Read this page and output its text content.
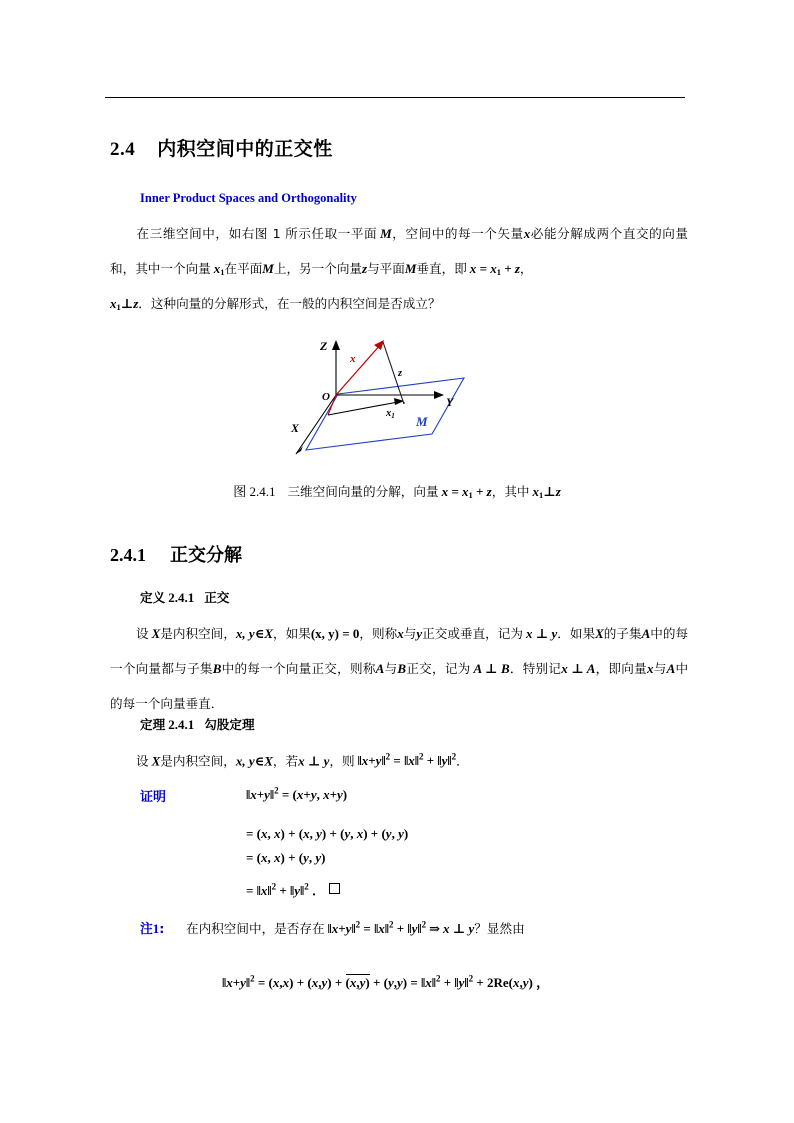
2.4 内积空间中的正交性
Inner Product Spaces and Orthogonality
在三维空间中，如右图 1 所示任取一平面 M，空间中的每一个矢量x必能分解成两个直交的向量和，其中一个向量 $x_1$在平面M上，另一个向量z与平面M垂直，即 $x = x_1 + z$，
$x_1\perp z$．这种向量的分解形式，在一般的内积空间是否成立？
Z
Y
X
O
x
z
x1 M
图 2.4.1 三维空间向量的分解，向量 $x = x_1 + z$，其中 $x_1\perp z$
2.4.1 正交分解
定义 2.4.1 正交
设 X是内积空间，x, y∈X，如果(x, y) = 0，则称x与y正交或垂直，记为 x ⊥ y．如果X的子集A中的每一个向量都与子集B中的每一个向量正交，则称A与B正交，记为 A ⊥ B．特别记x ⊥ A，即向量x与A中的每一个向量垂直．
定理 2.4.1 勾股定理
设 X是内积空间，x, y∈X，若x ⊥ y，则 ‖x+y‖$^2$ = ‖x‖$^2$ + ‖y‖$^2$．
证明	‖x+y‖$^2$ = (x+y, x+y)
= (x, x) + (x, y) + (y, x) + (y, y)
= (x, x) + (y, y)
= ‖x‖$^2$ + ‖y‖$^2$ ．
注1: 在内积空间中，是否存在 ‖x+y‖$^2$ = ‖x‖$^2$ + ‖y‖$^2$ ⇒ x ⊥ y？显然由
‖x+y‖$^2$ = (x,x) + (x,y) + (x,y) + (y,y) = ‖x‖$^2$ + ‖y‖$^2$ + 2Re(x,y) ，
